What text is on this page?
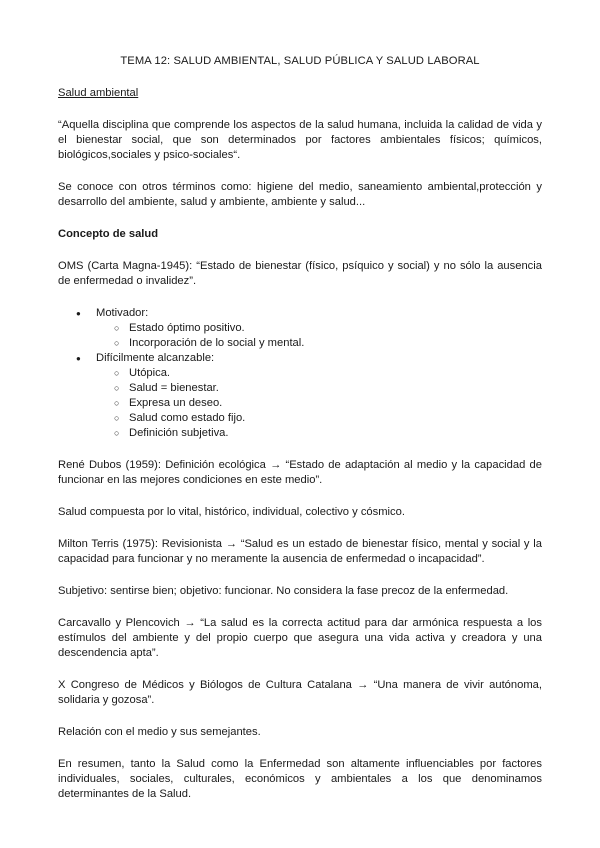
TEMA 12: SALUD AMBIENTAL, SALUD PÚBLICA Y SALUD LABORAL
Salud ambiental

“Aquella disciplina que comprende los aspectos de la salud humana, incluida la calidad de vida y el bienestar social, que son determinados por factores ambientales físicos; químicos, biológicos,sociales y psico-sociales“.

Se conoce con otros términos como: higiene del medio, saneamiento ambiental,protección y desarrollo del ambiente, salud y ambiente, ambiente y salud...

Concepto de salud

OMS (Carta Magna-1945): “Estado de bienestar (físico, psíquico y social) y no sólo la ausencia de enfermedad o invalidez”.

● Motivador:
○ Estado óptimo positivo.
○ Incorporación de lo social y mental.
● Difícilmente alcanzable:
○ Utópica.
○ Salud = bienestar.
○ Expresa un deseo.
○ Salud como estado fijo.
○ Definición subjetiva.

René Dubos (1959): Definición ecológica → “Estado de adaptación al medio y la capacidad de funcionar en las mejores condiciones en este medio”.

Salud compuesta por lo vital, histórico, individual, colectivo y cósmico.

Milton Terris (1975): Revisionista → “Salud es un estado de bienestar físico, mental y social y la capacidad para funcionar y no meramente la ausencia de enfermedad o incapacidad”.

Subjetivo: sentirse bien; objetivo: funcionar. No considera la fase precoz de la enfermedad.

Carcavallo y Plencovich → “La salud es la correcta actitud para dar armónica respuesta a los estímulos del ambiente y del propio cuerpo que asegura una vida activa y creadora y una descendencia apta”.

X Congreso de Médicos y Biólogos de Cultura Catalana → “Una manera de vivir autónoma, solidaria y gozosa”.

Relación con el medio y sus semejantes.

En resumen, tanto la Salud como la Enfermedad son altamente influenciables por factores individuales, sociales, culturales, económicos y ambientales a los que denominamos determinantes de la Salud.
